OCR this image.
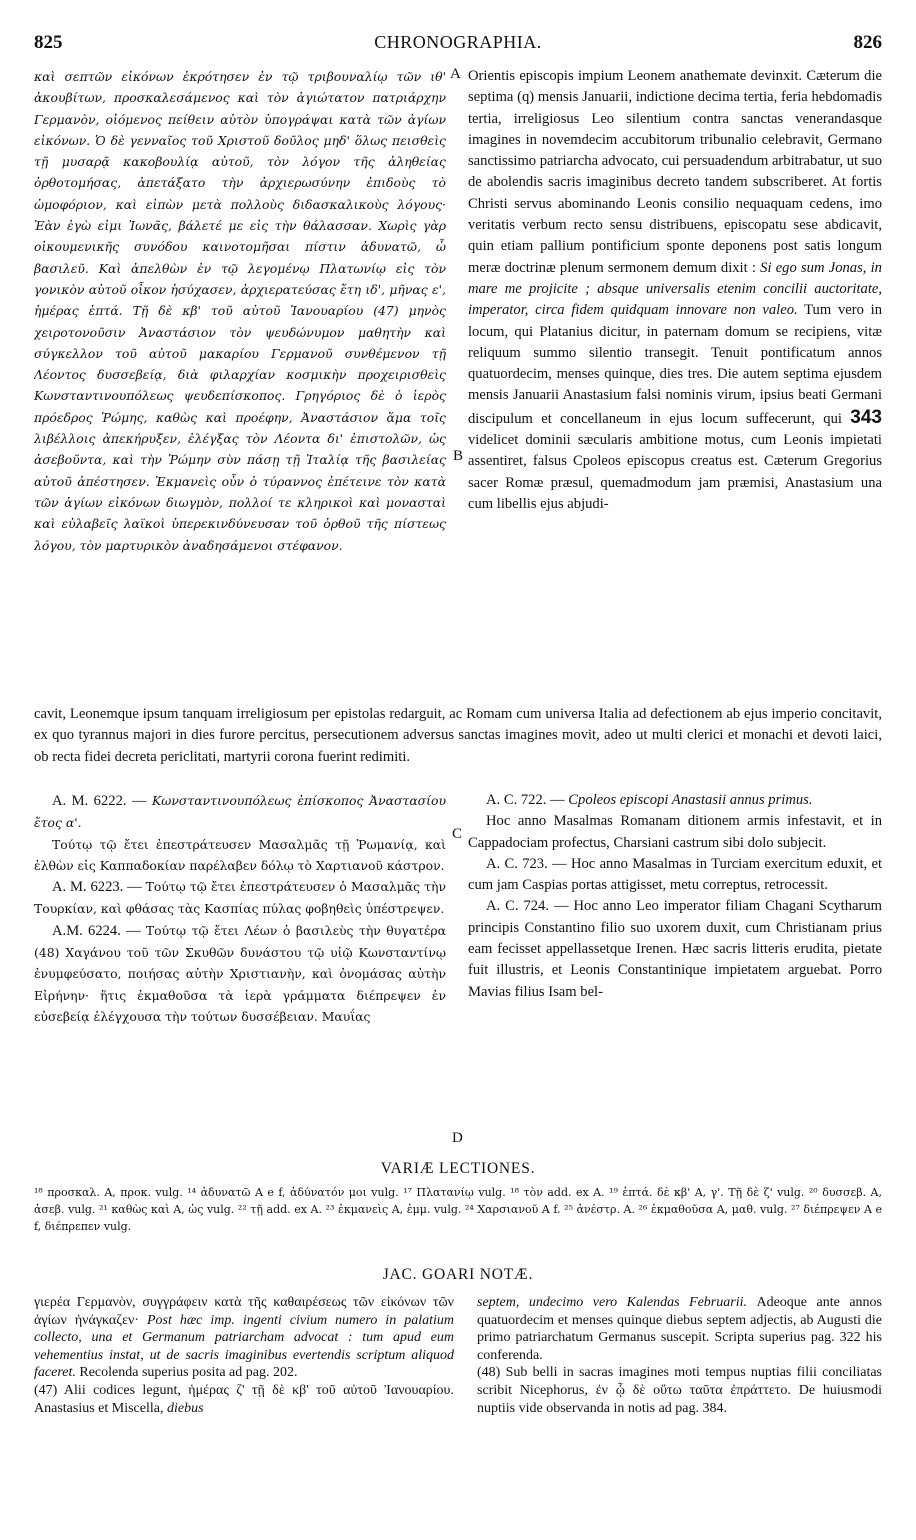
825	CHRONOGRAPHIA.	826
A
B
C
D

καὶ σεπτῶν εἰκόνων ἐκρότησεν ἐν τῷ τριβουναλίῳ τῶν ιθ' ἀκουβίτων, προσκαλεσάμενος καὶ τὸν ἁγιώτατον πατριάρχην Γερμανὸν, οἰόμενος πείθειν αὐτὸν ὑπογράψαι κατὰ τῶν ἁγίων εἰκόνων. Ὁ δὲ γενναῖος τοῦ Χριστοῦ δοῦλος μηδ' ὅλως πεισθεὶς τῇ μυσαρᾷ κακοβουλίᾳ αὐτοῦ, τὸν λόγον τῆς ἀληθείας ὀρθοτομήσας, ἀπετάξατο τὴν ἀρχιερωσύνην ἐπιδοὺς τὸ ὠμοφόριον, καὶ εἰπὼν μετὰ πολλοὺς διδασκαλικοὺς λόγους· Ἐὰν ἐγὼ εἰμι Ἰωνᾶς, βάλετέ με εἰς τὴν θάλασσαν. Χωρὶς γὰρ οἰκουμενικῆς συνόδου καινοτομῆσαι πίστιν ἀδυνατῶ, ὦ βασιλεῦ. Καὶ ἀπελθὼν ἐν τῷ λεγομένῳ Πλατωνίῳ εἰς τὸν γονικὸν αὐτοῦ οἶκον ἡσύχασεν, ἀρχιερατεύσας ἔτη ιδ', μῆνας ε', ἡμέρας ἑπτά. Τῇ δὲ κβ' τοῦ αὐτοῦ Ἰανουαρίου (47) μηνὸς χειροτονοῦσιν Ἀναστάσιον τὸν ψευδώνυμον μαθητὴν καὶ σύγκελλον τοῦ αὐτοῦ μακαρίου Γερμανοῦ συνθέμενον τῇ Λέοντος δυσσεβείᾳ, διὰ φιλαρχίαν κοσμικὴν προχειρισθεὶς Κωνσταντινουπόλεως ψευδεπίσκοπος. Γρηγόριος δὲ ὁ ἱερὸς πρόεδρος Ῥώμης, καθὼς καὶ προέφην, Ἀναστάσιον ἅμα τοῖς λιβέλλοις ἀπεκήρυξεν, ἐλέγξας τὸν Λέοντα δι' ἐπιστολῶν, ὡς ἀσεβοῦντα, καὶ τὴν Ῥώμην σὺν πάσῃ τῇ Ἰταλίᾳ τῆς βασιλείας αὐτοῦ ἀπέστησεν. Ἐκμανεὶς οὖν ὁ τύραννος ἐπέτεινε τὸν κατὰ τῶν ἁγίων εἰκόνων διωγμὸν, πολλοί τε κληρικοὶ καὶ μονασταὶ καὶ εὐλαβεῖς λαϊκοὶ ὑπερεκινδύνευσαν τοῦ ὀρθοῦ τῆς πίστεως λόγου, τὸν μαρτυρικὸν ἀναδησάμενοι στέφανον.

Orientis episcopis impium Leonem anathemate devinxit. Cæterum die septima (q) mensis Januarii, indictione decima tertia, feria hebdomadis tertia, irreligiosus Leo silentium contra sanctas venerandasque imagines in novemdecim accubitorum tribunalio celebravit, Germano sanctissimo patriarcha advocato, cui persuadendum arbitrabatur, ut suo de abolendis sacris imaginibus decreto tandem subscriberet. At fortis Christi servus abominando Leonis consilio nequaquam cedens, imo veritatis verbum recto sensu distribuens, episcopatu sese abdicavit, quin etiam pallium pontificium sponte deponens post satis longum meræ doctrinæ plenum sermonem demum dixit : Si ego sum Jonas, in mare me projicite ; absque universalis etenim concilii auctoritate, imperator, circa fidem quidquam innovare non valeo. Tum vero in locum, qui Platanius dicitur, in paternam domum se recipiens, vitæ reliquum summo silentio transegit. Tenuit pontificatum annos quatuordecim, menses quinque, dies tres. Die autem septima ejusdem mensis Januarii Anastasium falsi nominis virum, ipsius beati Germani discipulum et concellaneum in ejus locum suffecerunt, qui 343 videlicet dominii sæcularis ambitione motus, cum Leonis impietati assentiret, falsus Cpoleos episcopus creatus est. Cæterum Gregorius sacer Romæ præsul, quemadmodum jam præmisi, Anastasium una cum libellis ejus abjudi-

cavit, Leonemque ipsum tanquam irreligiosum per epistolas redarguit, ac Romam cum universa Italia ad defectionem ab ejus imperio concitavit, ex quo tyrannus majori in dies furore percitus, persecutionem adversus sanctas imagines movit, adeo ut multi clerici et monachi et devoti laici, ob recta fidei decreta periclitati, martyrii corona fuerint redimiti.

A. M. 6222. — Κωνσταντινουπόλεως ἐπίσκοπος Ἀναστασίου ἔτος α'.

Τούτῳ τῷ ἔτει ἐπεστράτευσεν Μασαλμᾶς τῇ Ῥωμανίᾳ, καὶ ἐλθὼν εἰς Καππαδοκίαν παρέλαβεν δόλῳ τὸ Χαρτιανοῦ κάστρον.

A. M. 6223. — Τούτῳ τῷ ἔτει ἐπεστράτευσεν ὁ Μασαλμᾶς τὴν Τουρκίαν, καὶ φθάσας τὰς Κασπίας πύλας φοβηθεὶς ὑπέστρεψεν.

A.M. 6224. — Τούτῳ τῷ ἔτει Λέων ὁ βασιλεὺς τὴν θυγατέρα (48) Χαγάνου τοῦ τῶν Σκυθῶν δυνάστου τῷ υἱῷ Κωνσταντίνῳ ἐνυμφεύσατο, ποιήσας αὐτὴν Χριστιανὴν, καὶ ὀνομάσας αὐτὴν Εἰρήνην· ἥτις ἐκμαθοῦσα τὰ ἱερὰ γράμματα διέπρεψεν ἐν εὐσεβείᾳ ἐλέγχουσα τὴν τούτων δυσσέβειαν. Μαυΐας

A. C. 722. — Cpoleos episcopi Anastasii annus primus.

Hoc anno Masalmas Romanam ditionem armis infestavit, et in Cappadociam profectus, Charsiani castrum sibi dolo subjecit.

A. C. 723. — Hoc anno Masalmas in Turciam exercitum eduxit, et cum jam Caspias portas attigisset, metu correptus, retrocessit.

A. C. 724. — Hoc anno Leo imperator filiam Chagani Scytharum principis Constantino filio suo uxorem duxit, cum Christianam prius eam fecisset appellassetque Irenen. Hæc sacris litteris erudita, pietate fuit illustris, et Leonis Constantinique impietatem arguebat. Porro Mavias filius Isam bel-

VARIÆ LECTIONES.

¹⁸ προσκαλ. A, προκ. vulg. ¹⁴ ἀδυνατῶ A e f, ἀδύνατόν μοι vulg. ¹⁷ Πλατανίῳ vulg. ¹⁸ τὸν add. ex A. ¹⁹ ἑπτά. δὲ κβ' A, γ'. Τῇ δὲ ζ' vulg. ²⁰ δυσσεβ. A, ἀσεβ. vulg. ²¹ καθὼς καὶ A, ὡς vulg. ²² τῇ add. ex A. ²³ ἐκμανεὶς A, ἐμμ. vulg. ²⁴ Χαρσιανοῦ A f. ²⁵ ἀνέστρ. A. ²⁶ ἐκμαθοῦσα A, μαθ. vulg. ²⁷ διέπρεψεν A e f, διέπρεπεν vulg.

JAC. GOARI NOTÆ.

γιερέα Γερμανὸν, συγγράφειν κατὰ τῆς καθαιρέσεως τῶν εἰκόνων τῶν ἁγίων ἠνάγκαζεν· Post hæc imp. ingenti civium numero in palatium collecto, una et Germanum patriarcham advocat : tum apud eum vehementius instat, ut de sacris imaginibus evertendis scriptum aliquod faceret. Recolenda superius posita ad pag. 202.

(47) Alii codices legunt, ἡμέρας ζ' τῇ δὲ κβ' τοῦ αὐτοῦ Ἰανουαρίου. Anastasius et Miscella, diebus

septem, undecimo vero Kalendas Februarii. Adeoque ante annos quatuordecim et menses quinque diebus septem adjectis, ab Augusti die primo patriarchatum Germanus suscepit. Scripta superius pag. 322 his conferenda.

(48) Sub belli in sacras imagines moti tempus nuptias filii conciliatas scribit Nicephorus, ἐν ᾧ δὲ οὕτω ταῦτα ἐπράττετο. De huiusmodi nuptiis vide observanda in notis ad pag. 384.
